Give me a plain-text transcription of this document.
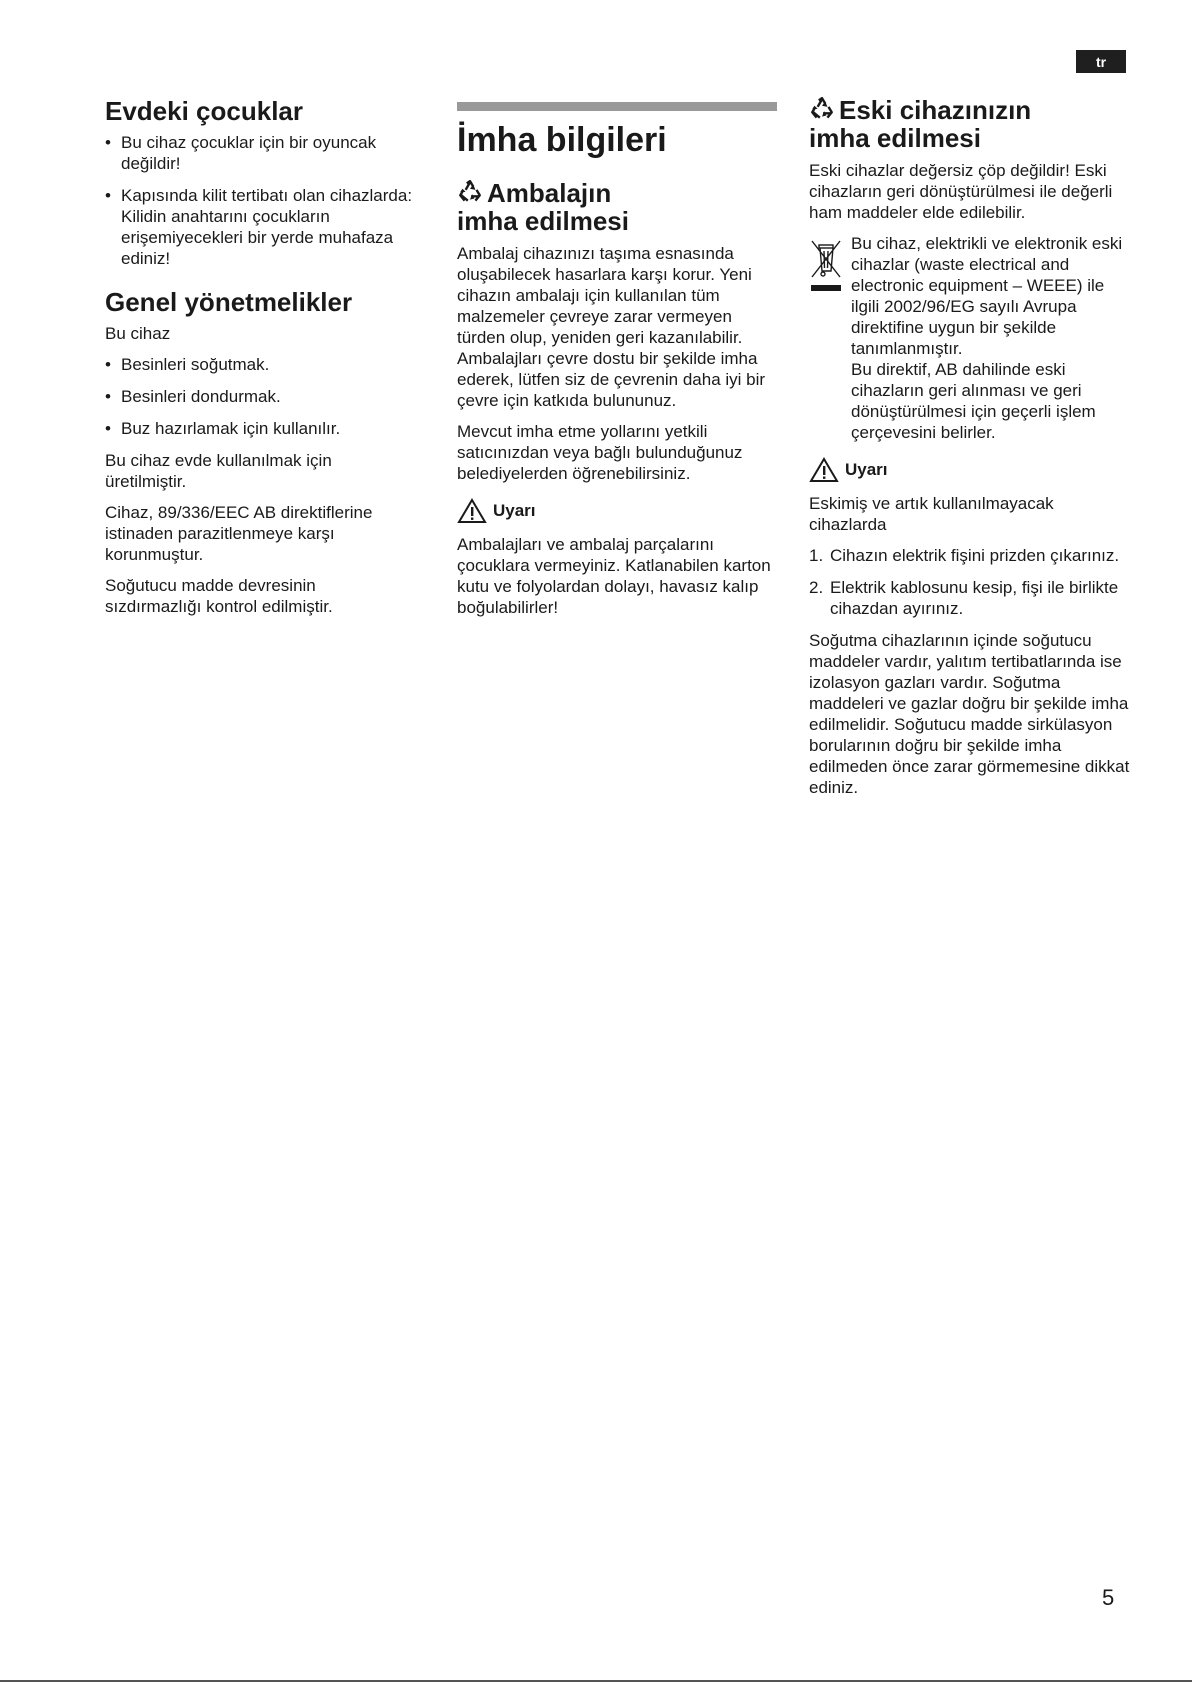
tr
Evdeki çocuklar
• Bu cihaz çocuklar için bir oyuncak değildir!
• Kapısında kilit tertibatı olan cihazlarda: Kilidin anahtarını çocukların erişemiyecekleri bir yerde muhafaza ediniz!
Genel yönetmelikler

Bu cihaz

• Besinleri soğutmak.
• Besinleri dondurmak.
• Buz hazırlamak için kullanılır.

Bu cihaz evde kullanılmak için üretilmiştir.

Cihaz, 89/336/EEC AB direktiflerine istinaden parazitlenmeye karşı korunmuştur.

Soğutucu madde devresinin sızdırmazlığı kontrol edilmiştir.

İmha bilgileri
Ambalajın
imha edilmesi

Ambalaj cihazınızı taşıma esnasında oluşabilecek hasarlara karşı korur. Yeni cihazın ambalajı için kullanılan tüm malzemeler çevreye zarar vermeyen türden olup, yeniden geri kazanılabilir. Ambalajları çevre dostu bir şekilde imha ederek, lütfen siz de çevrenin daha iyi bir çevre için katkıda bulununuz.

Mevcut imha etme yollarını yetkili satıcınızdan veya bağlı bulunduğunuz belediyelerden öğrenebilirsiniz.

Uyarı

Ambalajları ve ambalaj parçalarını çocuklara vermeyiniz. Katlanabilen karton kutu ve folyolardan dolayı, havasız kalıp boğulabilirler!

Eski cihazınızın
imha edilmesi

Eski cihazlar değersiz çöp değildir! Eski cihazların geri dönüştürülmesi ile değerli ham maddeler elde edilebilir.

Bu cihaz, elektrikli ve elektronik eski cihazlar (waste electrical and electronic equipment – WEEE) ile ilgili 2002/96/EG sayılı Avrupa direktifine uygun bir şekilde tanımlanmıştır.

Bu direktif, AB dahilinde eski cihazların geri alınması ve geri dönüştürülmesi için geçerli işlem çerçevesini belirler.

Uyarı

Eskimiş ve artık kullanılmayacak cihazlarda

1. Cihazın elektrik fişini prizden çıkarınız.
2. Elektrik kablosunu kesip, fişi ile birlikte cihazdan ayırınız.

Soğutma cihazlarının içinde soğutucu maddeler vardır, yalıtım tertibatlarında ise izolasyon gazları vardır. Soğutma maddeleri ve gazlar doğru bir şekilde imha edilmelidir. Soğutucu madde sirkülasyon borularının doğru bir şekilde imha edilmeden önce zarar görmemesine dikkat ediniz.

5
